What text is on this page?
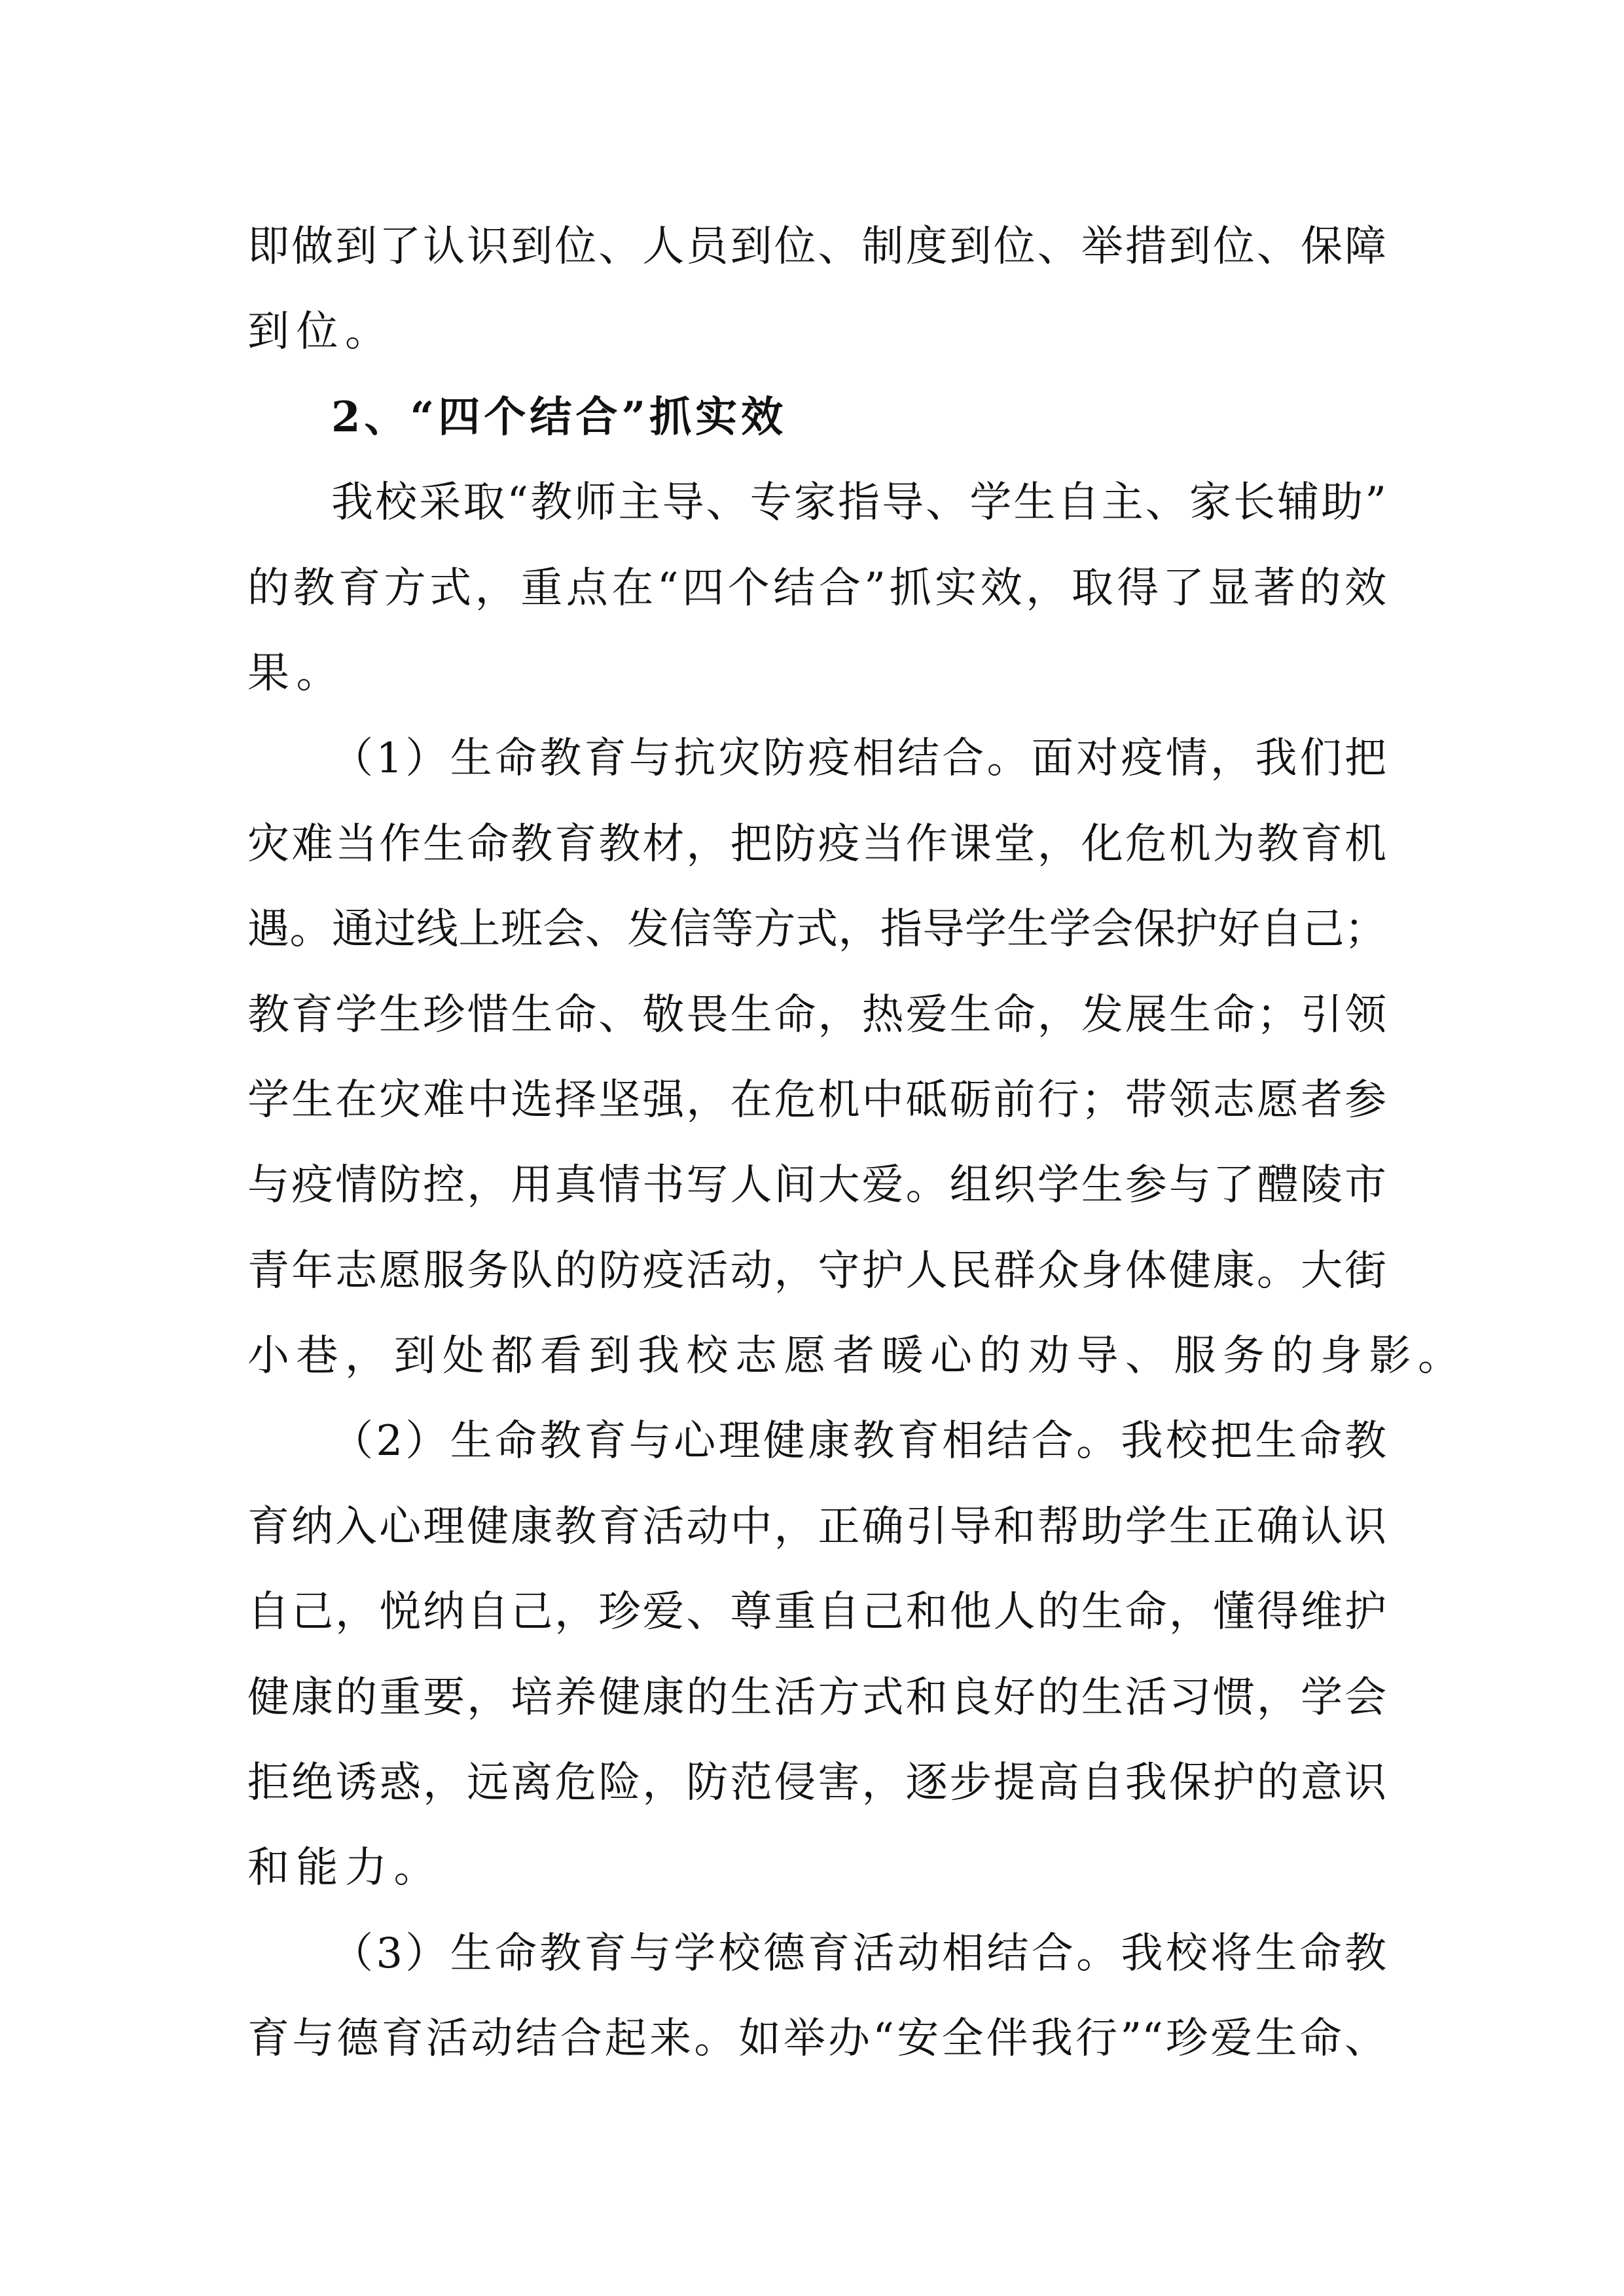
即做到了认识到位、人员到位、制度到位、举措到位、保障
到位。
2、“四个结合”抓实效
我校采取“教师主导、专家指导、学生自主、家长辅助”
的教育方式，重点在“四个结合”抓实效，取得了显著的效
果。
（1）生命教育与抗灾防疫相结合。面对疫情，我们把
灾难当作生命教育教材，把防疫当作课堂，化危机为教育机
遇。通过线上班会、发信等方式，指导学生学会保护好自己；
教育学生珍惜生命、敬畏生命，热爱生命，发展生命；引领
学生在灾难中选择坚强，在危机中砥砺前行；带领志愿者参
与疫情防控，用真情书写人间大爱。组织学生参与了醴陵市
青年志愿服务队的防疫活动，守护人民群众身体健康。大街
小巷，到处都看到我校志愿者暖心的劝导、服务的身影。
（2）生命教育与心理健康教育相结合。我校把生命教
育纳入心理健康教育活动中，正确引导和帮助学生正确认识
自己，悦纳自己，珍爱、尊重自己和他人的生命，懂得维护
健康的重要，培养健康的生活方式和良好的生活习惯，学会
拒绝诱惑，远离危险，防范侵害，逐步提高自我保护的意识
和能力。
（3）生命教育与学校德育活动相结合。我校将生命教
育与德育活动结合起来。如举办“安全伴我行”“珍爱生命、
